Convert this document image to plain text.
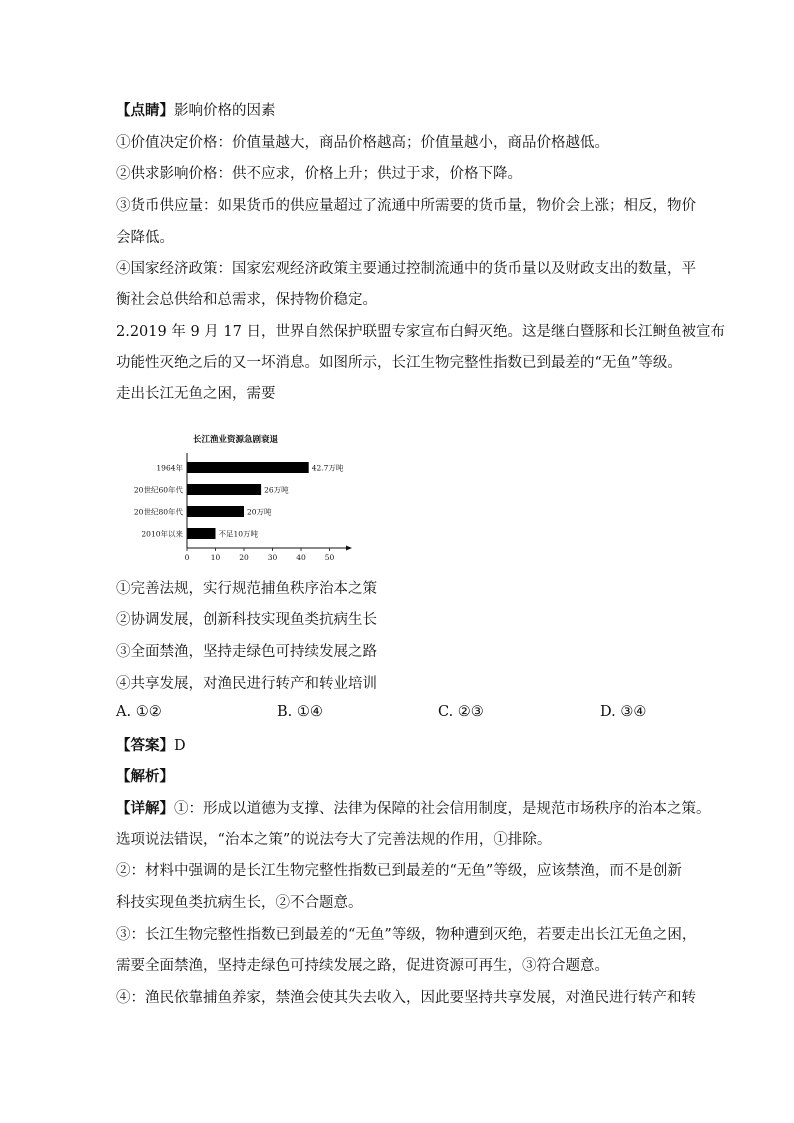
【点睛】影响价格的因素
①价值决定价格：价值量越大，商品价格越高；价值量越小，商品价格越低。
②供求影响价格：供不应求，价格上升；供过于求，价格下降。
③货币供应量：如果货币的供应量超过了流通中所需要的货币量，物价会上涨；相反，物价
会降低。
④国家经济政策：国家宏观经济政策主要通过控制流通中的货币量以及财政支出的数量，平
衡社会总供给和总需求，保持物价稳定。
2.2019 年 9 月 17 日，世界自然保护联盟专家宣布白鲟灭绝。这是继白暨豚和长江鲥鱼被宣布
功能性灭绝之后的又一坏消息。如图所示，长江生物完整性指数已到最差的“无鱼”等级。
走出长江无鱼之困，需要
长江渔业资源急剧衰退
1964年	42.7万吨
20世纪60年代	26万吨
20世纪80年代	20万吨
2010年以来	不足10万吨
0	10	20	30	40	50
①完善法规，实行规范捕鱼秩序治本之策
②协调发展，创新科技实现鱼类抗病生长
③全面禁渔，坚持走绿色可持续发展之路
④共享发展，对渔民进行转产和转业培训
A. ①②	B. ①④	C. ②③	D. ③④
【答案】D
【解析】
【详解】①：形成以道德为支撑、法律为保障的社会信用制度，是规范市场秩序的治本之策。
选项说法错误，“治本之策”的说法夸大了完善法规的作用，①排除。
②：材料中强调的是长江生物完整性指数已到最差的“无鱼”等级，应该禁渔，而不是创新
科技实现鱼类抗病生长，②不合题意。
③：长江生物完整性指数已到最差的“无鱼”等级，物种遭到灭绝，若要走出长江无鱼之困，
需要全面禁渔，坚持走绿色可持续发展之路，促进资源可再生，③符合题意。
④：渔民依靠捕鱼养家，禁渔会使其失去收入，因此要坚持共享发展，对渔民进行转产和转
